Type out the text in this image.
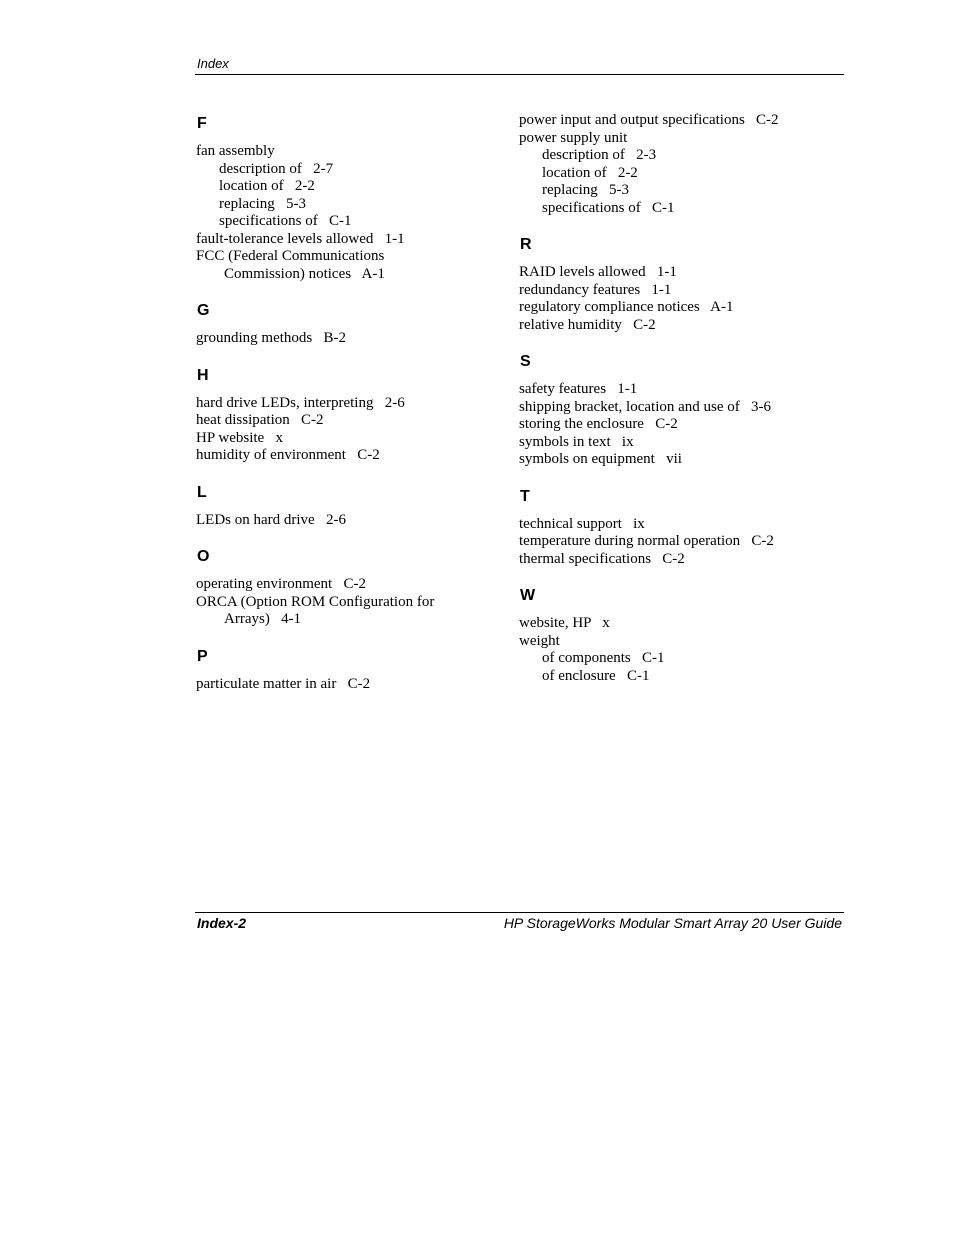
Index
F
fan assembly
description of   2-7
location of   2-2
replacing   5-3
specifications of   C-1
fault-tolerance levels allowed   1-1
FCC (Federal Communications
Commission) notices   A-1
G
grounding methods   B-2
H
hard drive LEDs, interpreting   2-6
heat dissipation   C-2
HP website   x
humidity of environment   C-2
L
LEDs on hard drive   2-6
O
operating environment   C-2
ORCA (Option ROM Configuration for
Arrays)   4-1
P
particulate matter in air   C-2
power input and output specifications   C-2
power supply unit
description of   2-3
location of   2-2
replacing   5-3
specifications of   C-1
R
RAID levels allowed   1-1
redundancy features   1-1
regulatory compliance notices   A-1
relative humidity   C-2
S
safety features   1-1
shipping bracket, location and use of   3-6
storing the enclosure   C-2
symbols in text   ix
symbols on equipment   vii
T
technical support   ix
temperature during normal operation   C-2
thermal specifications   C-2
W
website, HP   x
weight
of components   C-1
of enclosure   C-1
Index-2	HP StorageWorks Modular Smart Array 20 User Guide
